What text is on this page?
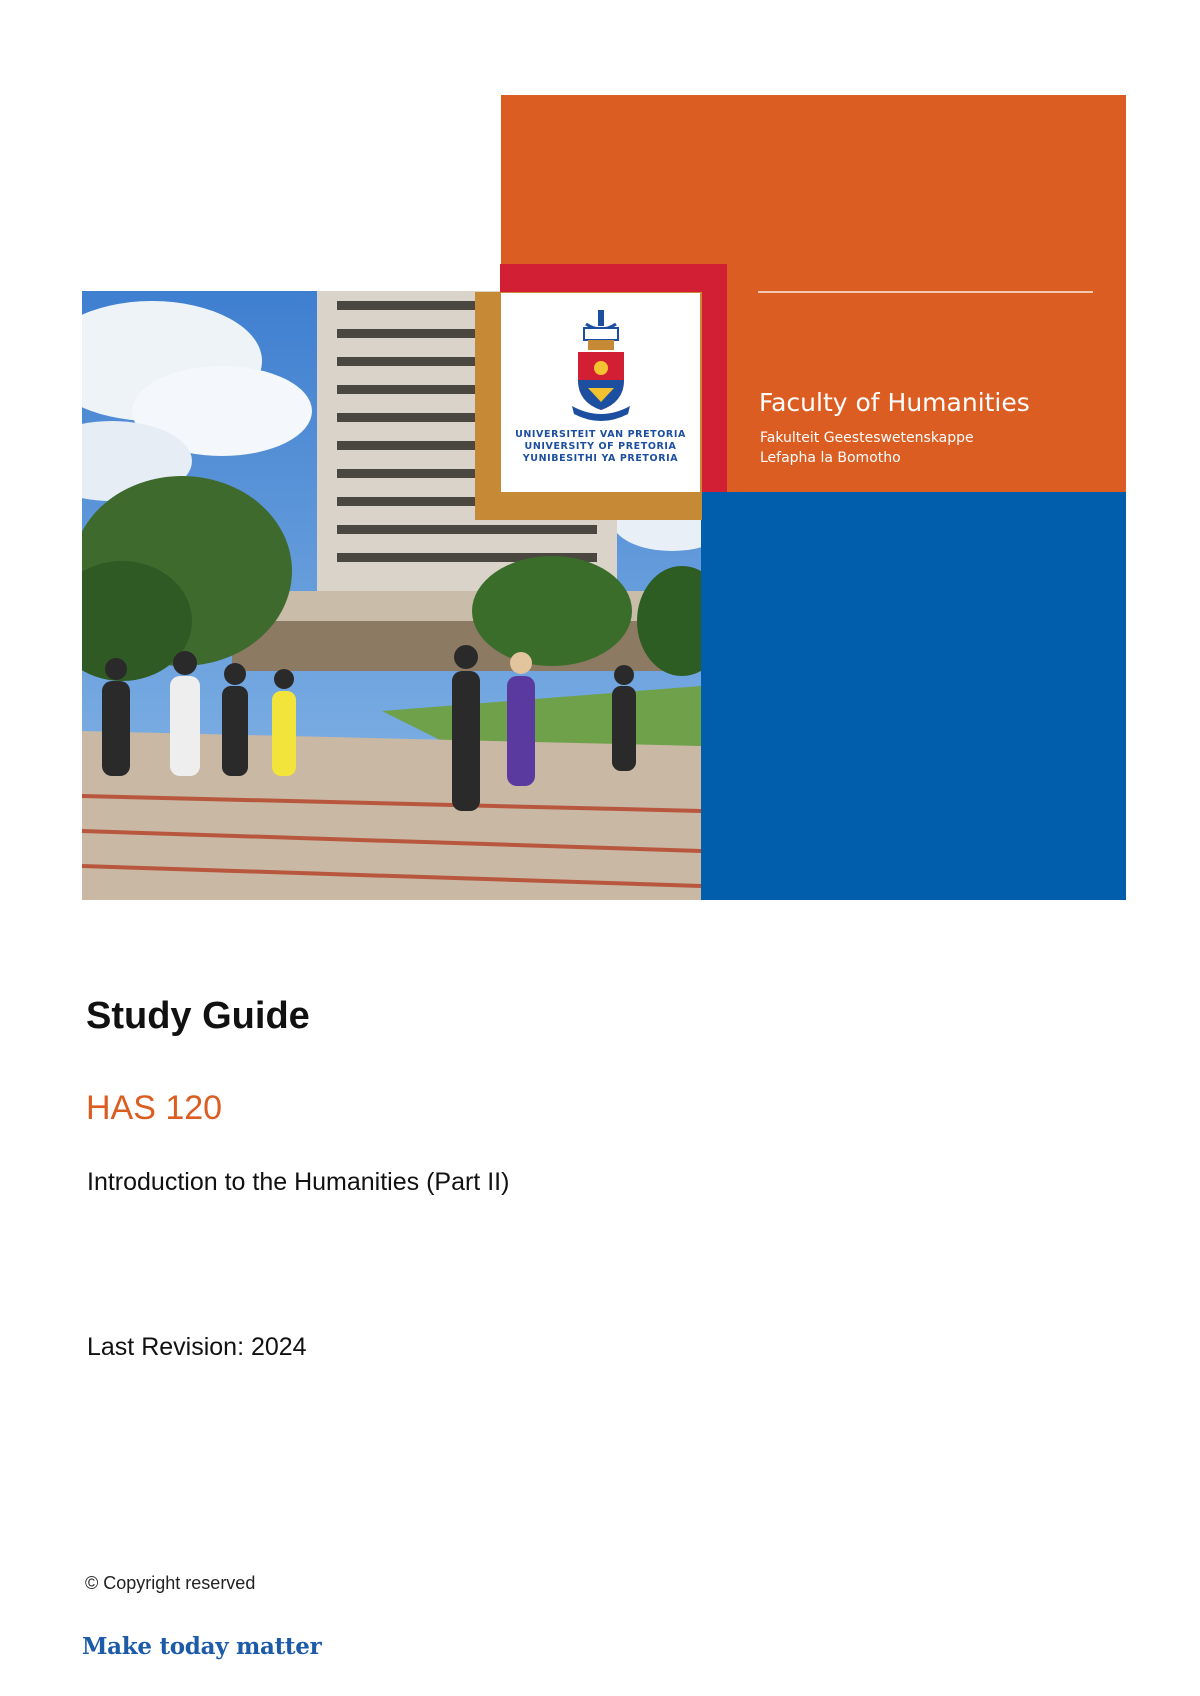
UNIVERSITEIT VAN PRETORIA
UNIVERSITY OF PRETORIA
YUNIBESITHI YA PRETORIA
Faculty of Humanities
Fakulteit Geesteswetenskappe
Lefapha la Bomotho
Study Guide
HAS 120
Introduction to the Humanities (Part II)
Last Revision: 2024
© Copyright reserved
Make today matter
